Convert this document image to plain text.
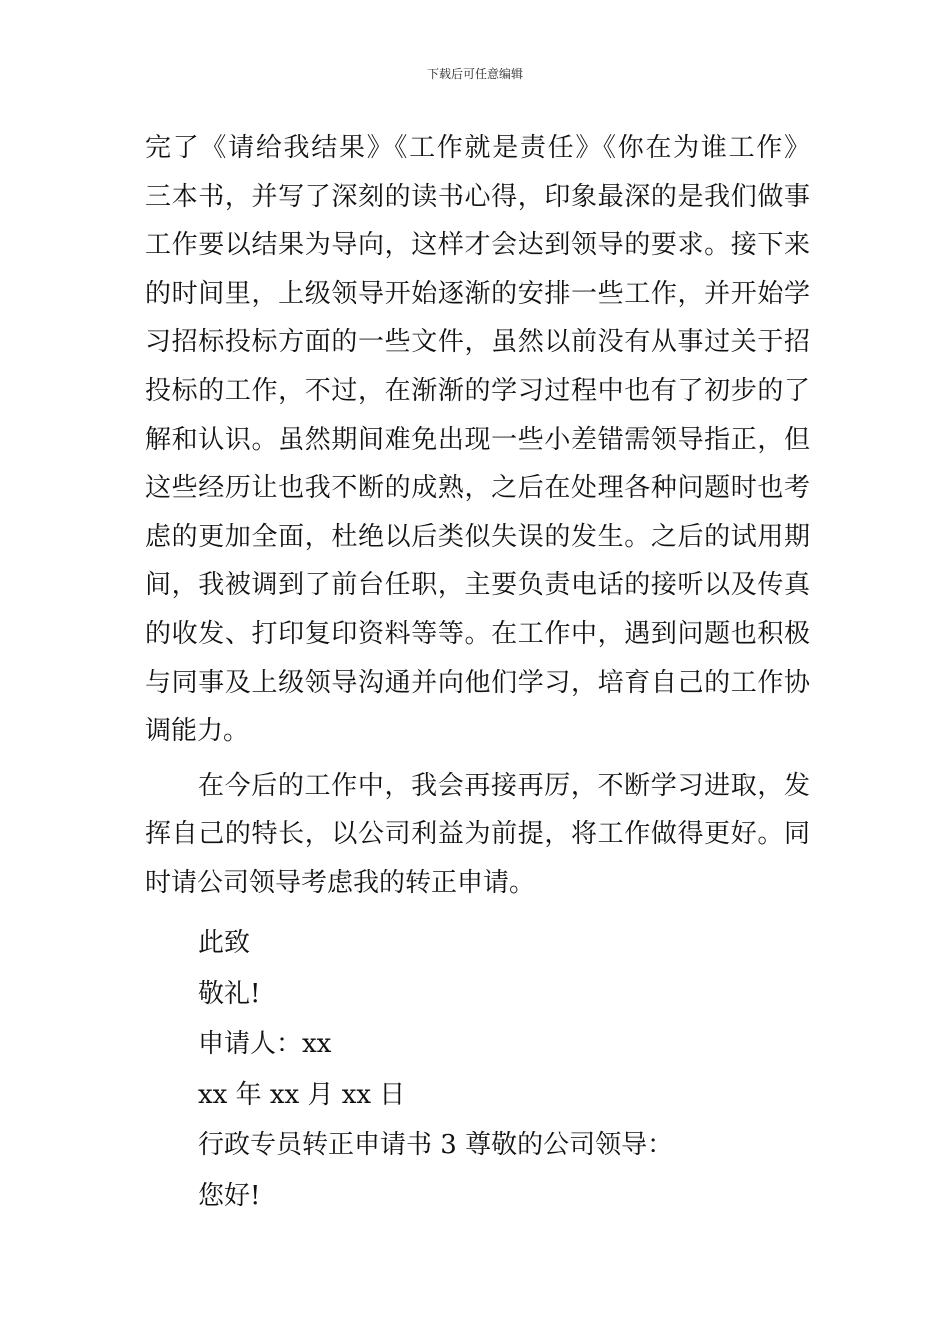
下载后可任意编辑
完了《请给我结果》《工作就是责任》《你在为谁工作》
三本书，并写了深刻的读书心得，印象最深的是我们做事
工作要以结果为导向，这样才会达到领导的要求。接下来
的时间里，上级领导开始逐渐的安排一些工作，并开始学
习招标投标方面的一些文件，虽然以前没有从事过关于招
投标的工作，不过，在渐渐的学习过程中也有了初步的了
解和认识。虽然期间难免出现一些小差错需领导指正，但
这些经历让也我不断的成熟，之后在处理各种问题时也考
虑的更加全面，杜绝以后类似失误的发生。之后的试用期
间，我被调到了前台任职，主要负责电话的接听以及传真
的收发、打印复印资料等等。在工作中，遇到问题也积极
与同事及上级领导沟通并向他们学习，培育自己的工作协
调能力。
在今后的工作中，我会再接再厉，不断学习进取，发
挥自己的特长，以公司利益为前提，将工作做得更好。同
时请公司领导考虑我的转正申请。
此致
敬礼!
申请人：xx
xx 年 xx 月 xx 日
行政专员转正申请书 3 尊敬的公司领导：
您好!
